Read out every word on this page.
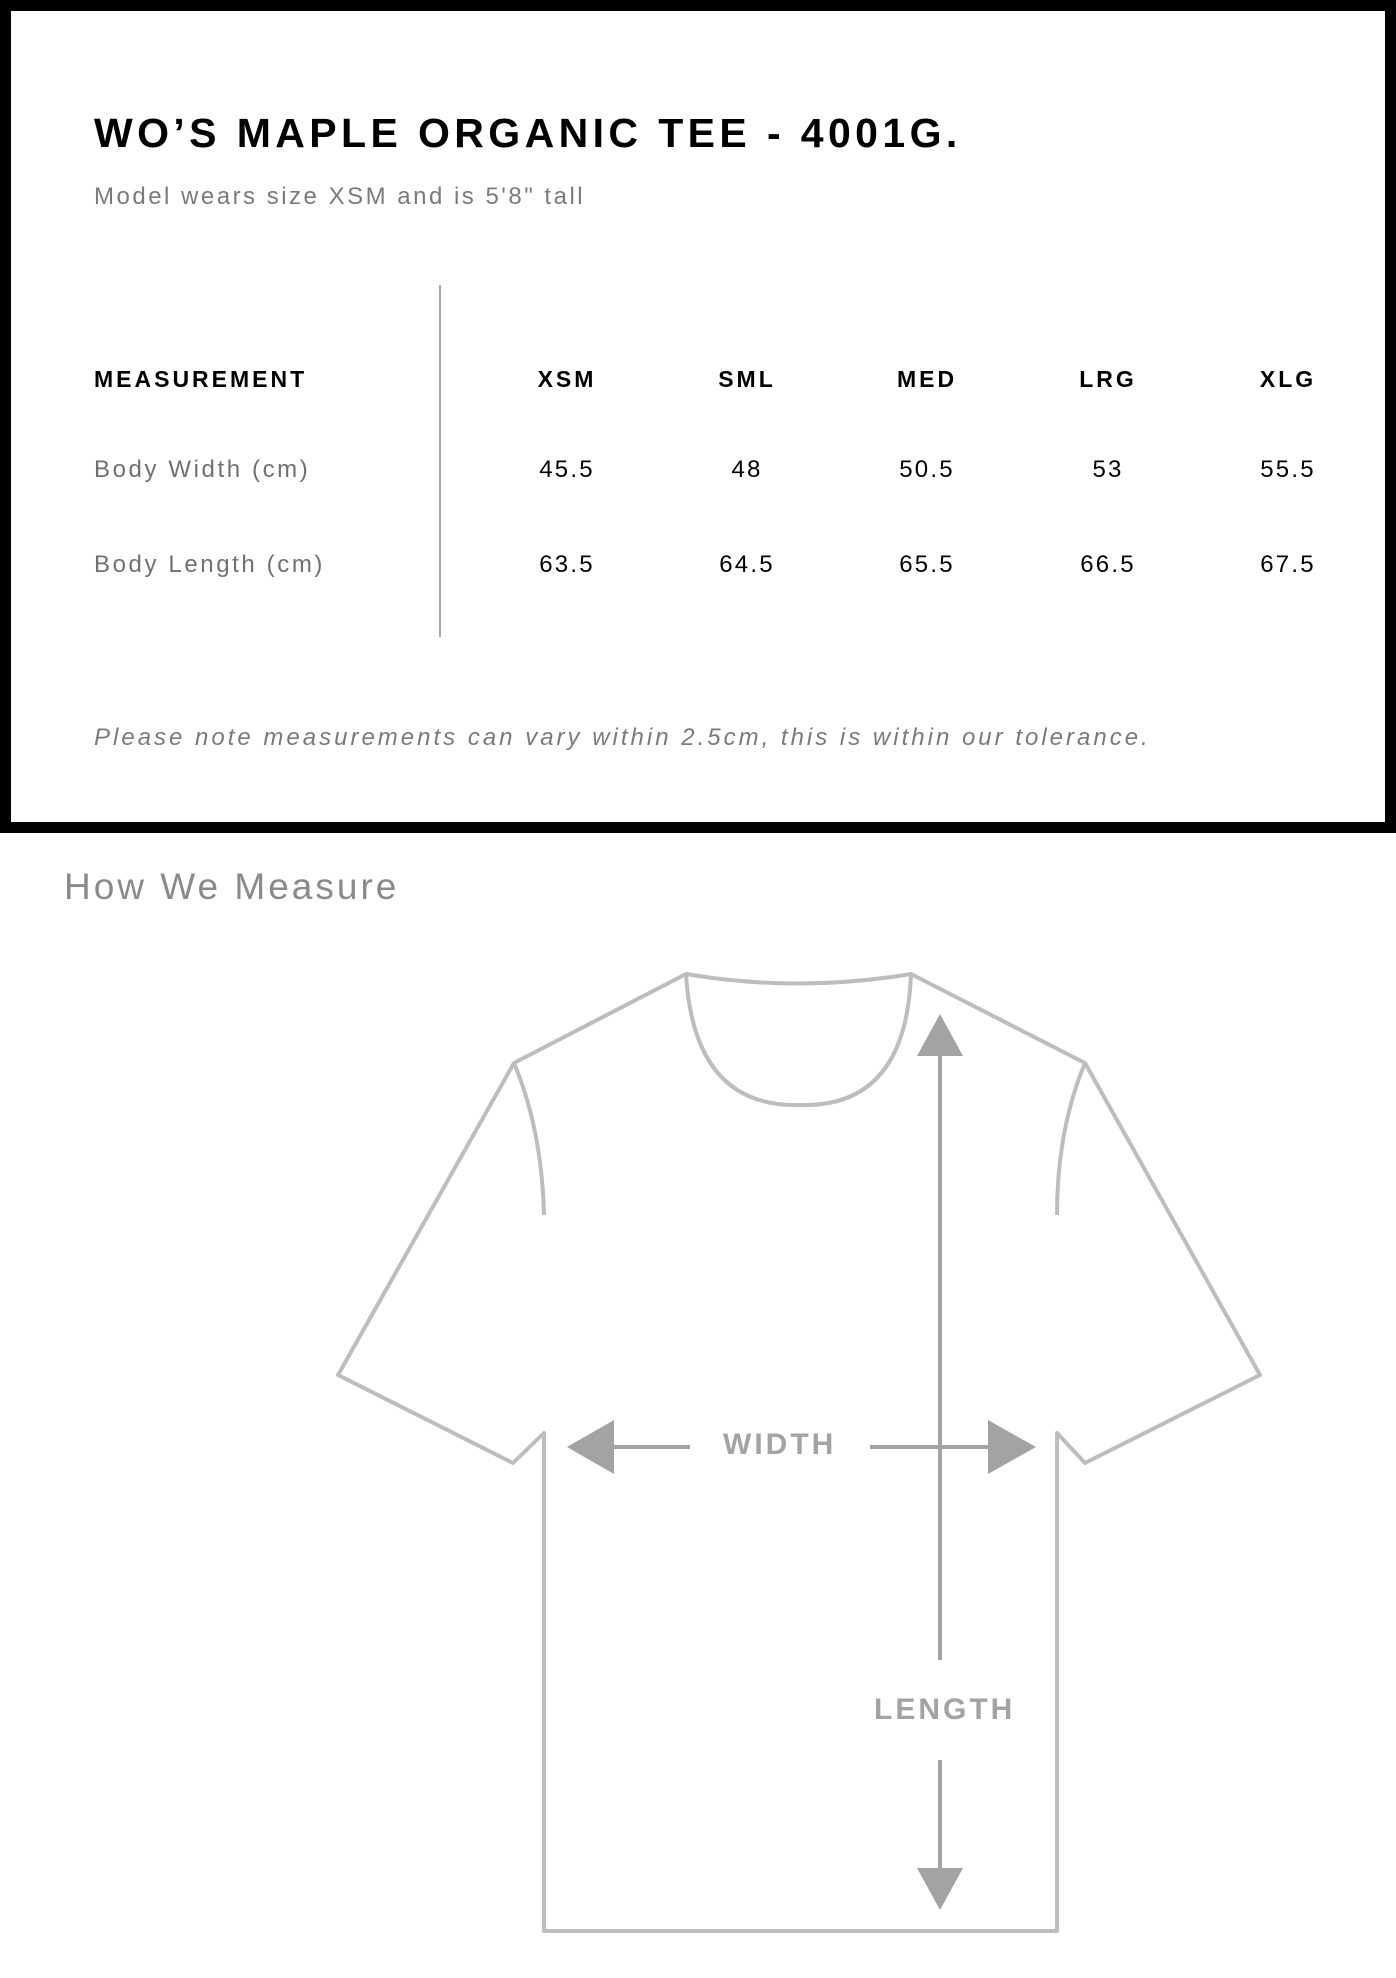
WO’S MAPLE ORGANIC TEE - 4001G.

Model wears size XSM and is 5'8" tall

MEASUREMENT	XSM	SML	MED	LRG	XLG
Body Width (cm)	45.5	48	50.5	53	55.5
Body Length (cm)	63.5	64.5	65.5	66.5	67.5

Please note measurements can vary within 2.5cm, this is within our tolerance.

How We Measure
WIDTH
LENGTH
